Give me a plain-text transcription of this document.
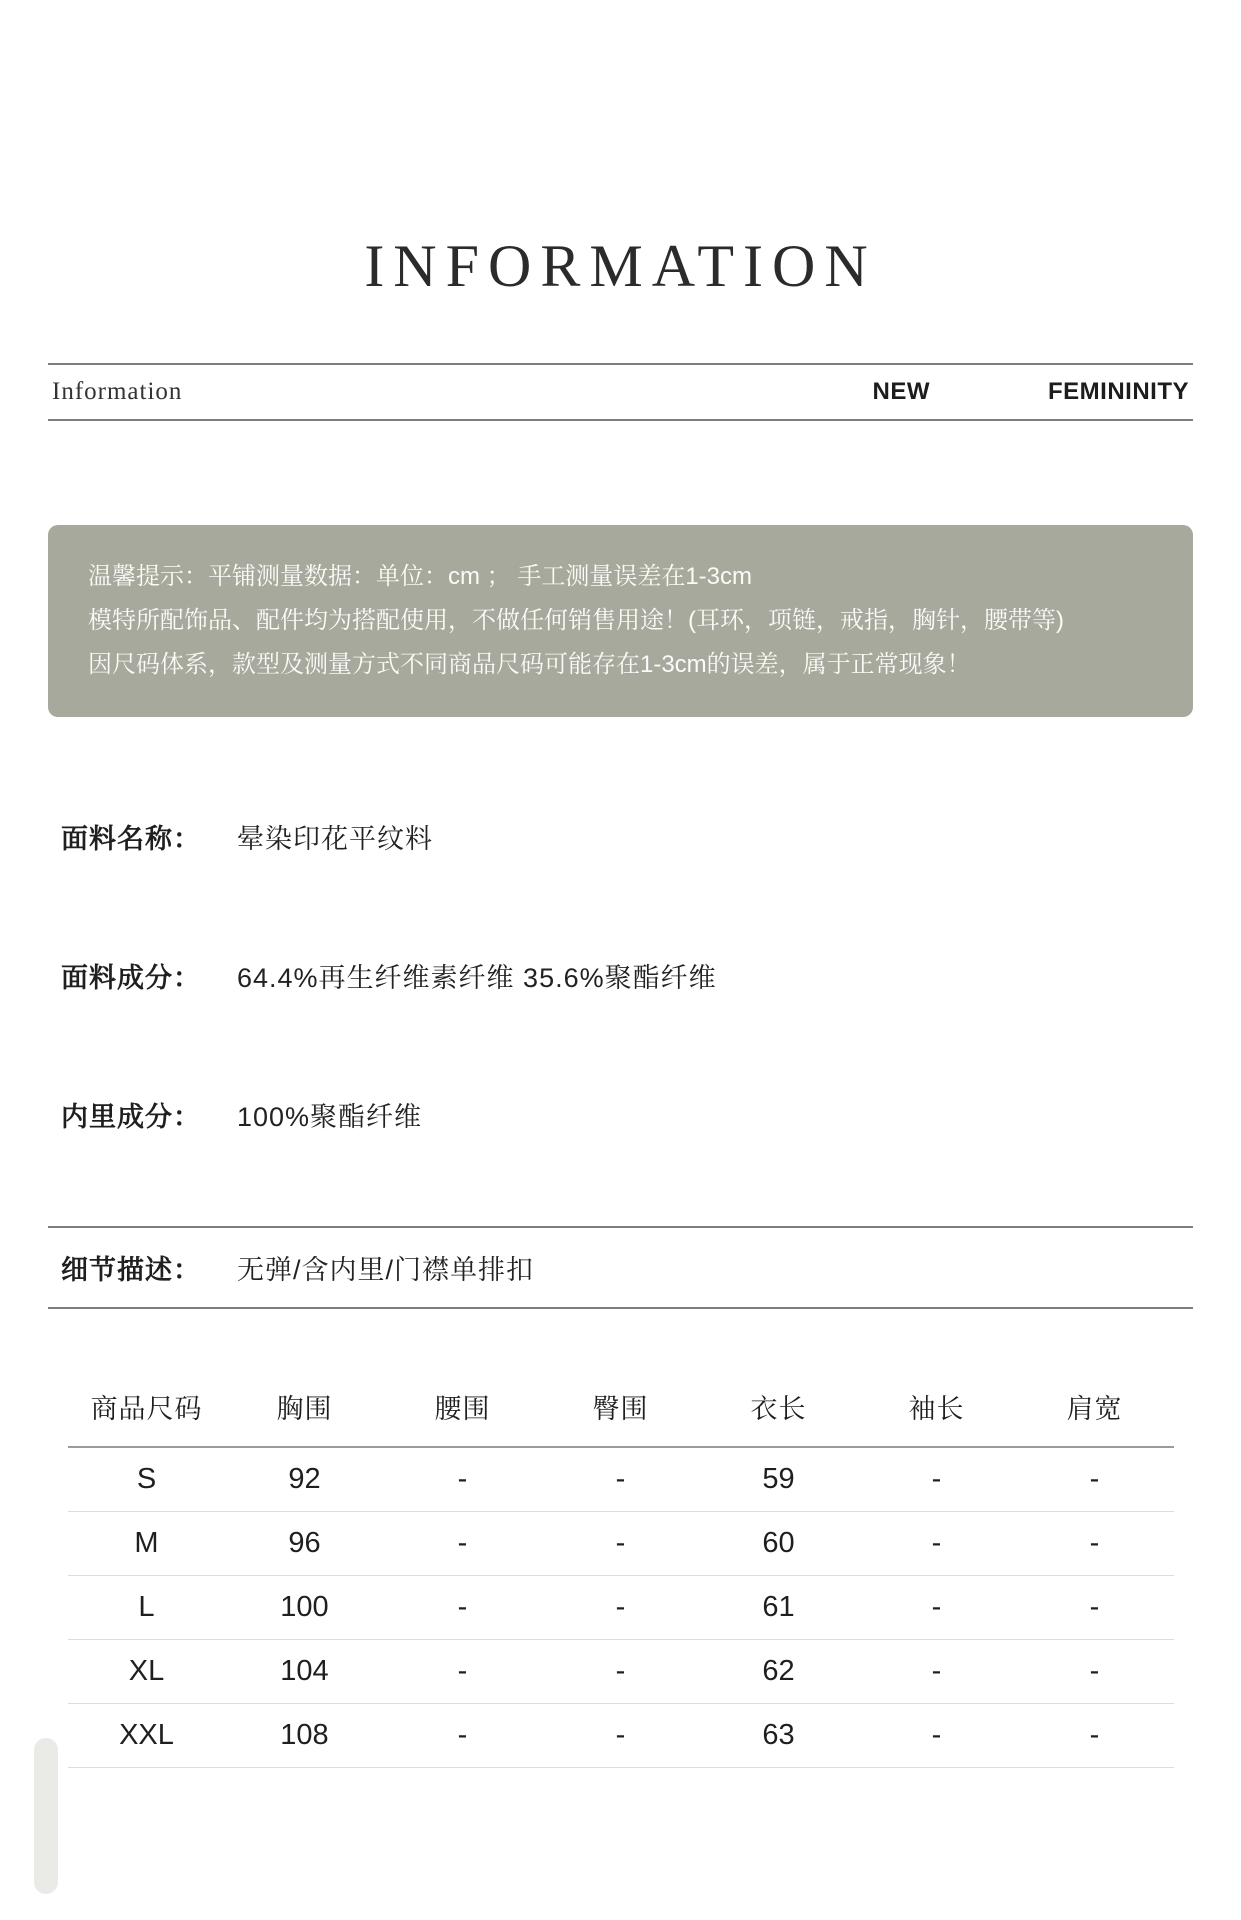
INFORMATION
Information	NEW	FEMININITY

温馨提示：平铺测量数据：单位：cm ； 手工测量误差在1-3cm

模特所配饰品、配件均为搭配使用，不做任何销售用途！(耳环，项链，戒指，胸针，腰带等)

因尺码体系，款型及测量方式不同商品尺码可能存在1-3cm的误差，属于正常现象！

面料名称： 晕染印花平纹料
面料成分： 64.4%再生纤维素纤维 35.6%聚酯纤维
内里成分： 100%聚酯纤维
细节描述： 无弹/含内里/门襟单排扣
商品尺码	胸围	腰围	臀围	衣长	袖长	肩宽
S	92	-	-	59	-	-
M	96	-	-	60	-	-
L	100	-	-	61	-	-
XL	104	-	-	62	-	-
XXL	108	-	-	63	-	-
